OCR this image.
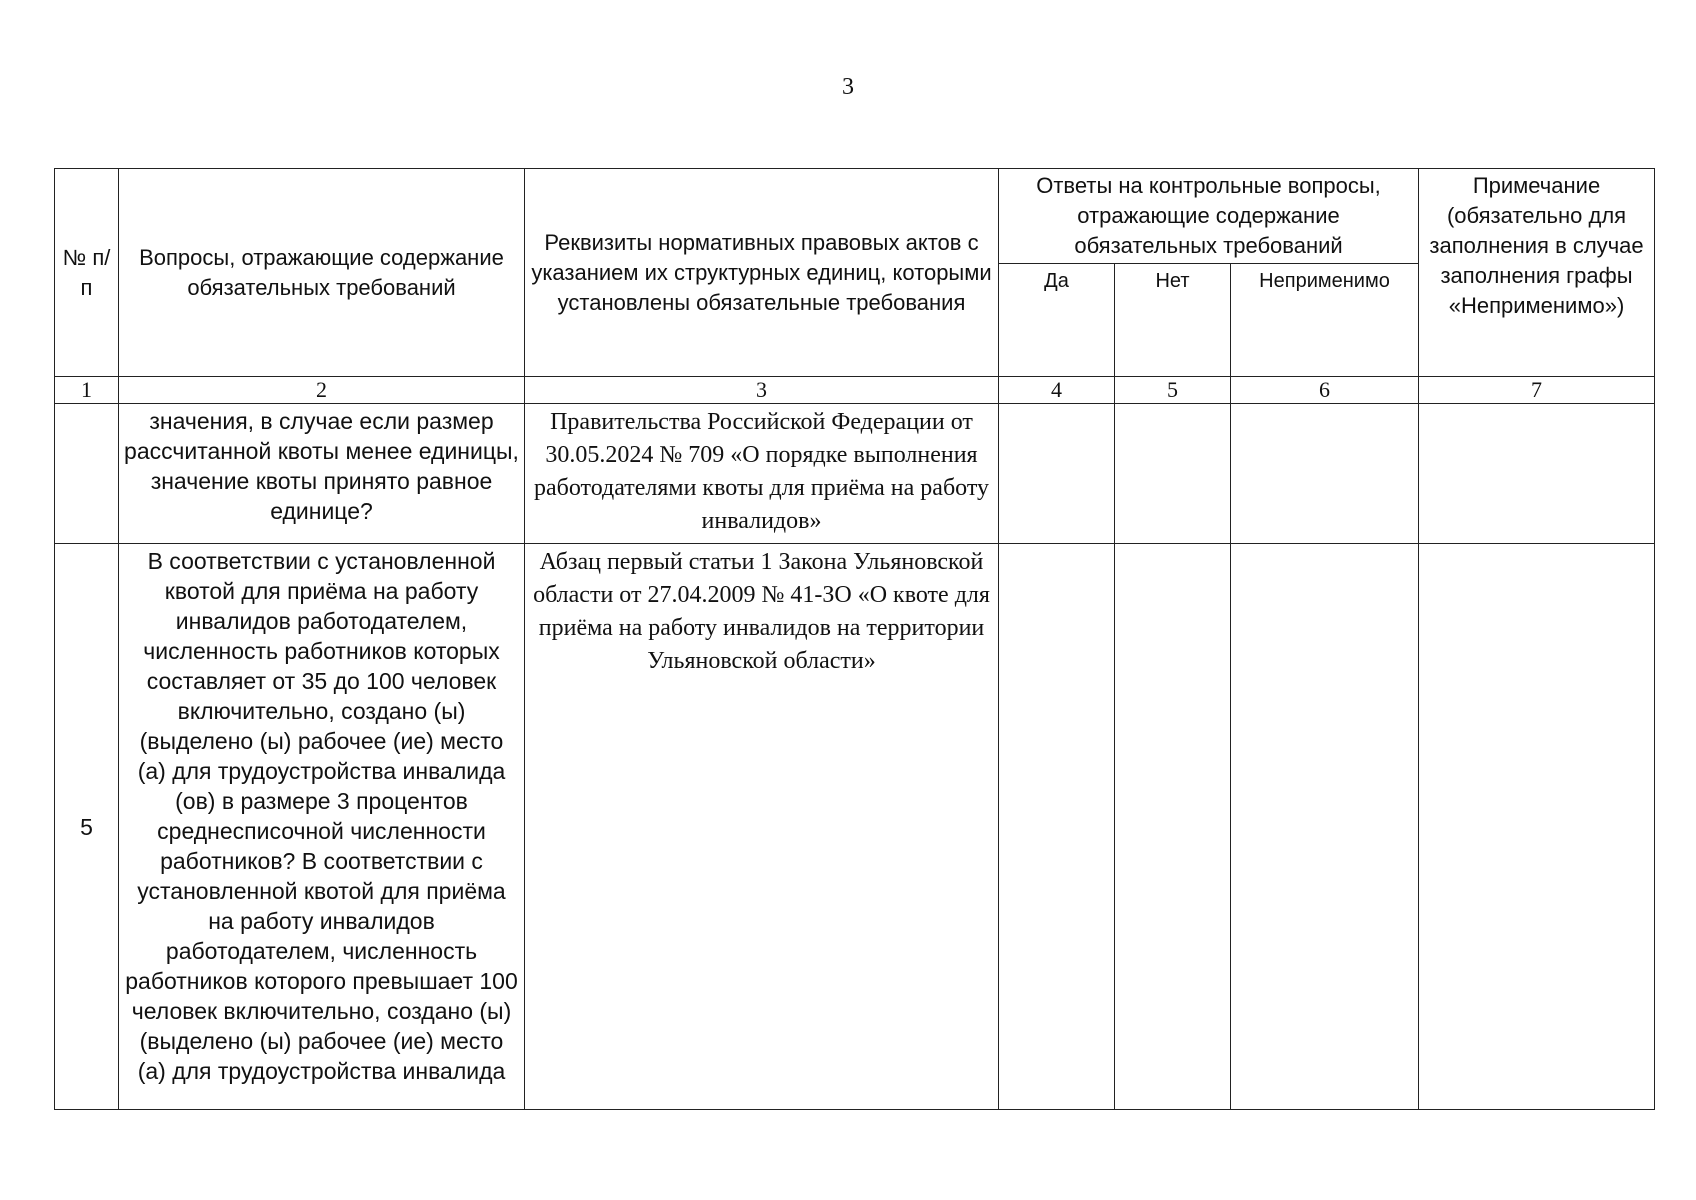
3
№ п/п	Вопросы, отражающие содержание обязательных требований	Реквизиты нормативных правовых актов с указанием их структурных единиц, которыми установлены обязательные требования	Ответы на контрольные вопросы, отражающие содержание обязательных требований			Примечание (обязательно для заполнения в случае заполнения графы «Неприменимо»)
			Да	Нет	Неприменимо	
1	2	3	4	5	6	7
	значения, в случае если размер рассчитанной квоты менее единицы, значение квоты принято равное единице?	Правительства Российской Федерации от 30.05.2024 № 709 «О порядке выполнения работодателями квоты для приёма на работу инвалидов»				
5	В соответствии с установленной квотой для приёма на работу инвалидов работодателем, численность работников которых составляет от 35 до 100 человек включительно, создано (ы) (выделено (ы) рабочее (ие) место (а) для трудоустройства инвалида (ов) в размере 3 процентов среднесписочной численности работников? В соответствии с установленной квотой для приёма на работу инвалидов работодателем, численность работников которого превышает 100 человек включительно, создано (ы) (выделено (ы) рабочее (ие) место (а) для трудоустройства инвалида	Абзац первый статьи 1 Закона Ульяновской области от 27.04.2009 № 41-ЗО «О квоте для приёма на работу инвалидов на территории Ульяновской области»				
